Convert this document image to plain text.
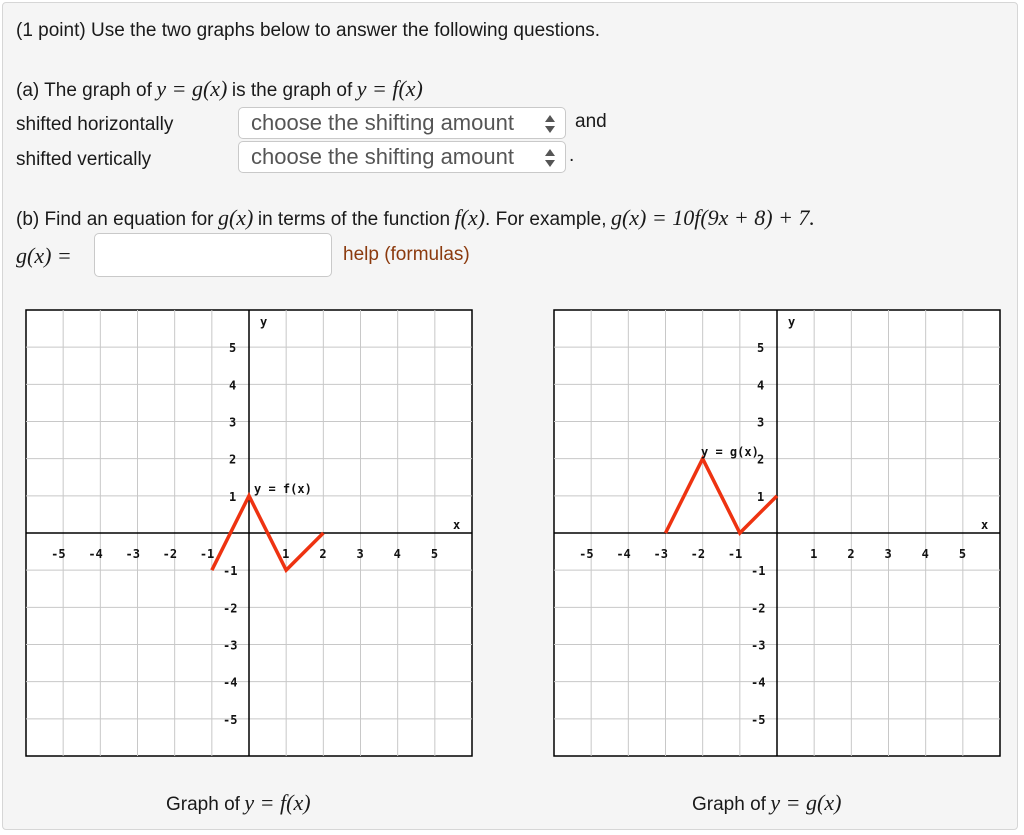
(1 point) Use the two graphs below to answer the following questions.
(a) The graph of y = g(x) is the graph of y = f(x)
shifted horizontally	choose the shifting amount	and
shifted vertically	choose the shifting amount	.
(b) Find an equation for g(x) in terms of the function f(x). For example, g(x) = 10f(9x + 8) + 7.
g(x) =	help (formulas)
-5 -4 -3 -2 -1	1 2 3 4 5
5
4
3
2
1
-1
-2
-3
-4
-5
y
x
y = f(x)
-5 -4 -3 -2 -1	1 2 3 4 5
5
4
3
2
1
-1
-2
-3
-4
-5
y
x
y = g(x)
Graph of y = f(x)	Graph of y = g(x)
